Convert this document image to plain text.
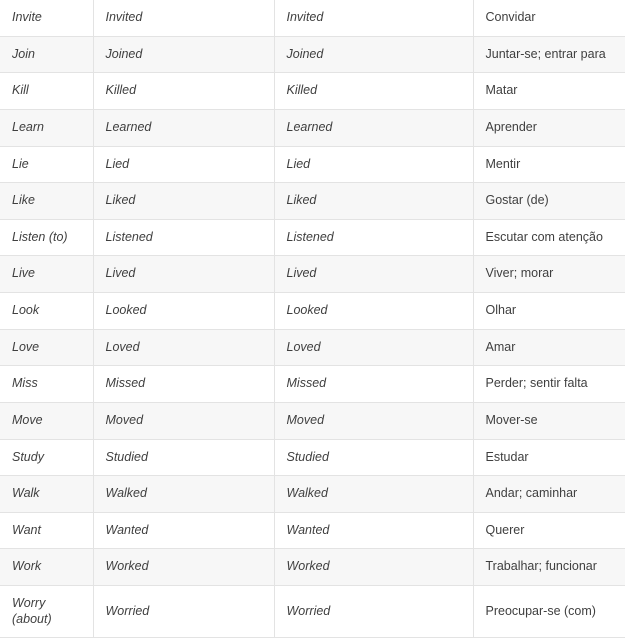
Invite	Invited	Invited	Convidar
Join	Joined	Joined	Juntar-se; entrar para
Kill	Killed	Killed	Matar
Learn	Learned	Learned	Aprender
Lie	Lied	Lied	Mentir
Like	Liked	Liked	Gostar (de)
Listen (to)	Listened	Listened	Escutar com atenção
Live	Lived	Lived	Viver; morar
Look	Looked	Looked	Olhar
Love	Loved	Loved	Amar
Miss	Missed	Missed	Perder; sentir falta
Move	Moved	Moved	Mover-se
Study	Studied	Studied	Estudar
Walk	Walked	Walked	Andar; caminhar
Want	Wanted	Wanted	Querer
Work	Worked	Worked	Trabalhar; funcionar
Worry (about)	Worried	Worried	Preocupar-se (com)
